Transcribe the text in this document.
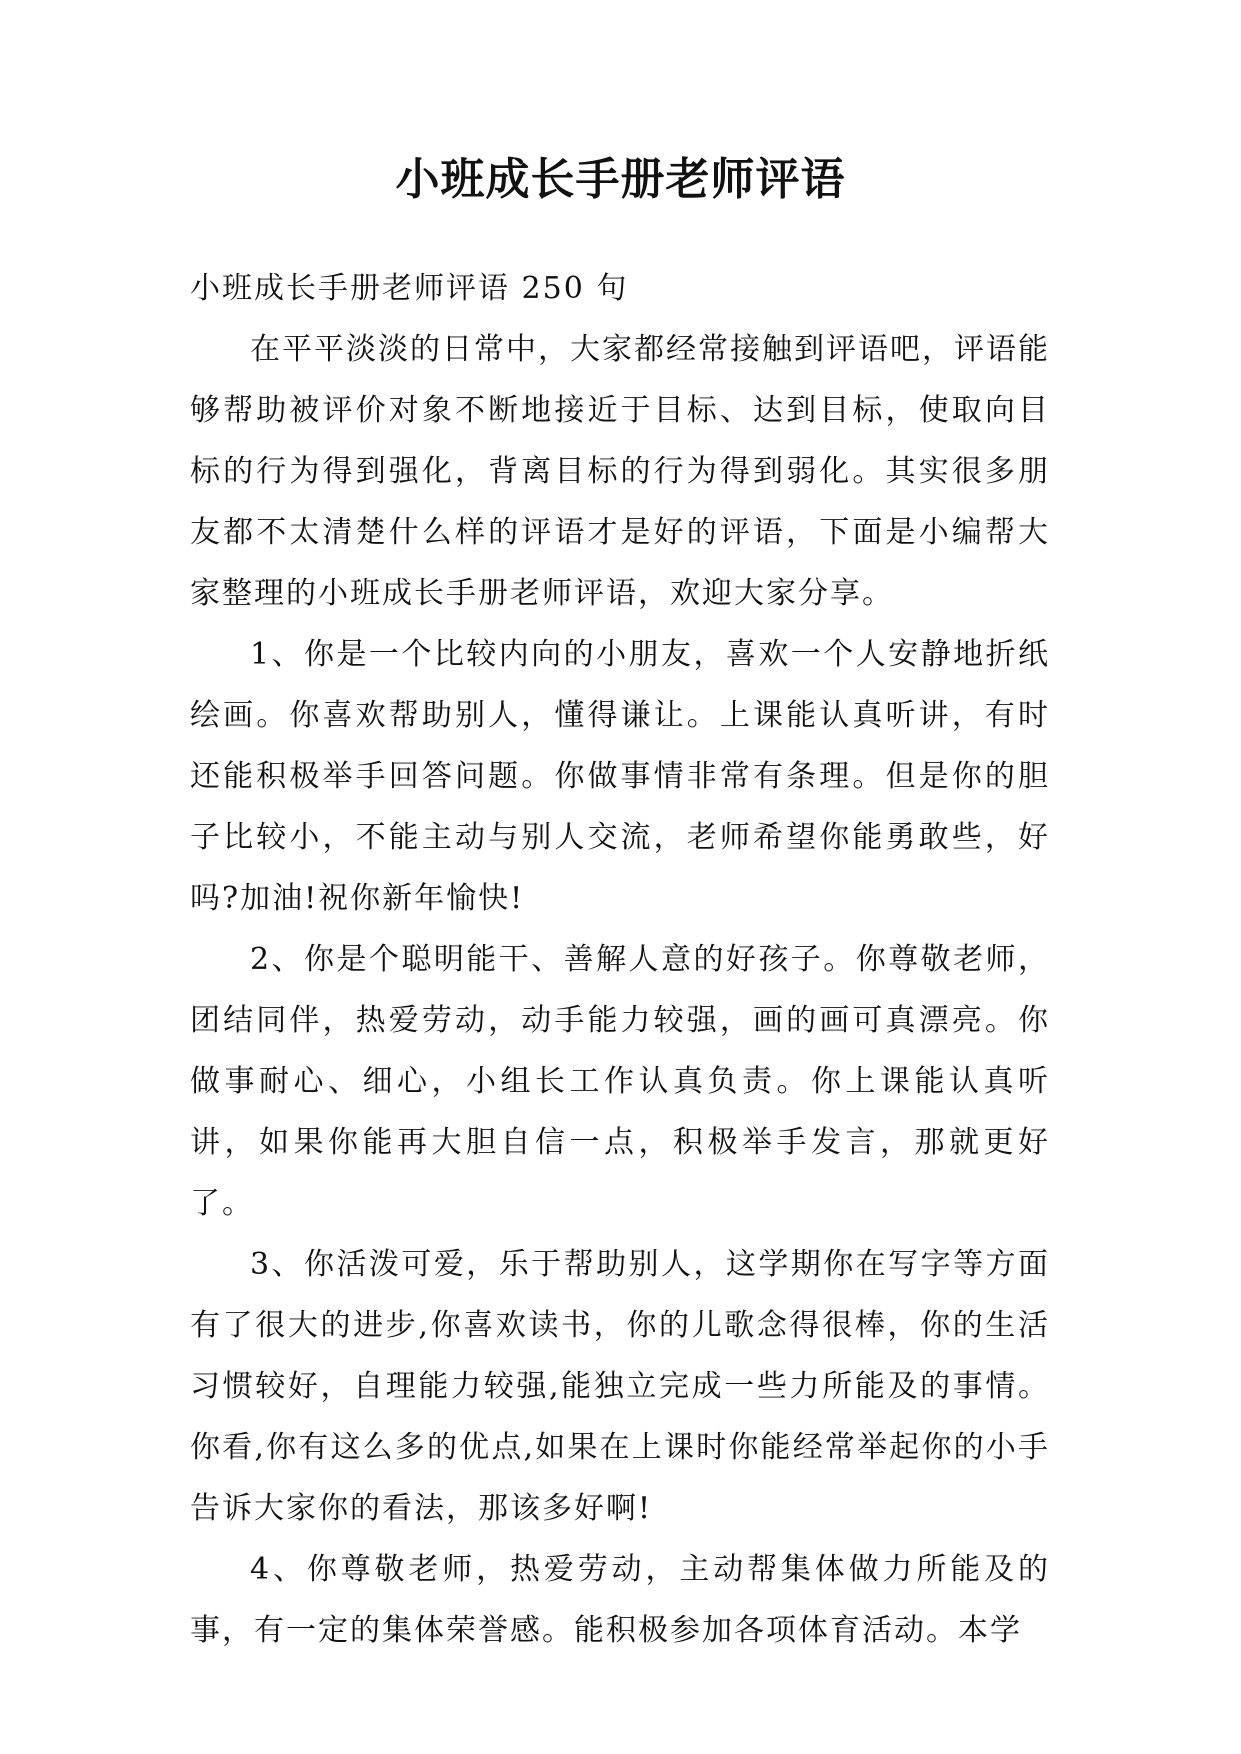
小班成长手册老师评语

小班成长手册老师评语 250 句

在平平淡淡的日常中，大家都经常接触到评语吧，评语能够帮助被评价对象不断地接近于目标、达到目标，使取向目标的行为得到强化，背离目标的行为得到弱化。其实很多朋友都不太清楚什么样的评语才是好的评语，下面是小编帮大家整理的小班成长手册老师评语，欢迎大家分享。

1、你是一个比较内向的小朋友，喜欢一个人安静地折纸绘画。你喜欢帮助别人，懂得谦让。上课能认真听讲，有时还能积极举手回答问题。你做事情非常有条理。但是你的胆子比较小，不能主动与别人交流，老师希望你能勇敢些，好吗?加油!祝你新年愉快!

2、你是个聪明能干、善解人意的好孩子。你尊敬老师，团结同伴，热爱劳动，动手能力较强，画的画可真漂亮。你做事耐心、细心，小组长工作认真负责。你上课能认真听讲，如果你能再大胆自信一点，积极举手发言，那就更好了。

3、你活泼可爱，乐于帮助别人，这学期你在写字等方面有了很大的进步,你喜欢读书，你的儿歌念得很棒，你的生活习惯较好，自理能力较强,能独立完成一些力所能及的事情。你看,你有这么多的优点,如果在上课时你能经常举起你的小手告诉大家你的看法，那该多好啊!

4、你尊敬老师，热爱劳动，主动帮集体做力所能及的事，有一定的集体荣誉感。能积极参加各项体育活动。本学
